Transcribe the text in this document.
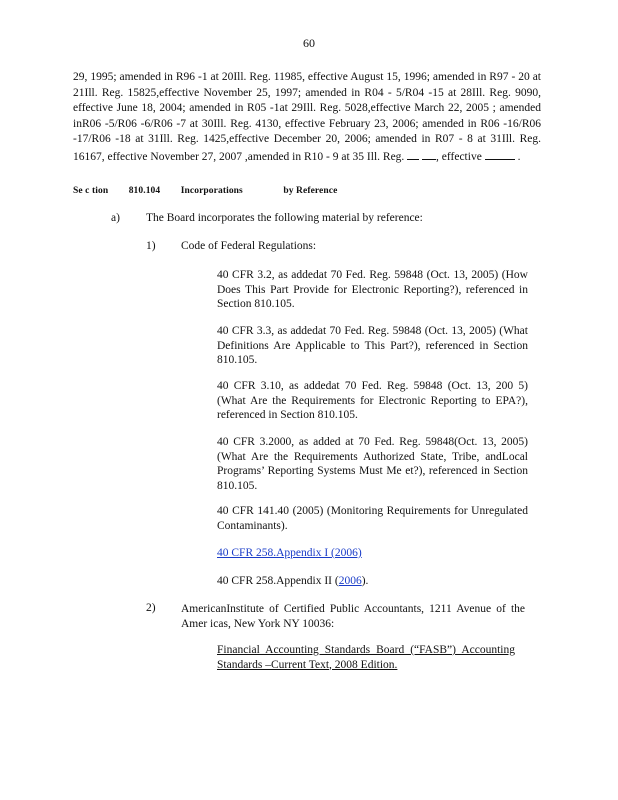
60
29, 1995; amended in R96 -1 at 20Ill. Reg. 11985, effective August 15, 1996; amended in R97 - 20 at 21Ill. Reg. 15825,effective November 25, 1997; amended in R04 - 5/R04 -15 at 28Ill. Reg. 9090, effective June 18, 2004; amended in R05 -1at 29Ill. Reg. 5028,effective March 22, 2005 ; amended inR06 -5/R06 -6/R06 -7 at 30Ill. Reg. 4130, effective February 23, 2006; amended in R06 -16/R06 -17/R06 -18 at 31Ill. Reg. 1425,effective December 20, 2006; amended in R07 - 8 at 31Ill. Reg. 16167, effective November 27, 2007 ,amended in R10 - 9 at 35 Ill. Reg.	, effective	.
Se c tion 810.104 Incorporations	by Reference
a) The Board incorporates the following material by reference:
1) Code of Federal Regulations:
40 CFR 3.2, as addedat 70 Fed. Reg. 59848 (Oct. 13, 2005) (How Does This Part Provide for Electronic Reporting?), referenced in Section 810.105.
40 CFR 3.3, as addedat 70 Fed. Reg. 59848 (Oct. 13, 2005) (What Definitions Are Applicable to This Part?), referenced in Section 810.105.
40 CFR 3.10, as addedat 70 Fed. Reg. 59848 (Oct. 13, 200 5) (What Are the Requirements for Electronic Reporting to EPA?), referenced in Section 810.105.
40 CFR 3.2000, as added at 70 Fed. Reg. 59848(Oct. 13, 2005) (What Are the Requirements Authorized State, Tribe, andLocal Programs’ Reporting Systems Must Me et?), referenced in Section 810.105.
40 CFR 141.40 (2005) (Monitoring Requirements for Unregulated Contaminants).
40 CFR 258.Appendix I (2006)
40 CFR 258.Appendix II (2006).
2) AmericanInstitute of Certified Public Accountants, 1211 Avenue of the Amer icas, New York NY 10036:
Financial Accounting Standards Board (“FASB”) Accounting Standards –Current Text, 2008 Edition.
